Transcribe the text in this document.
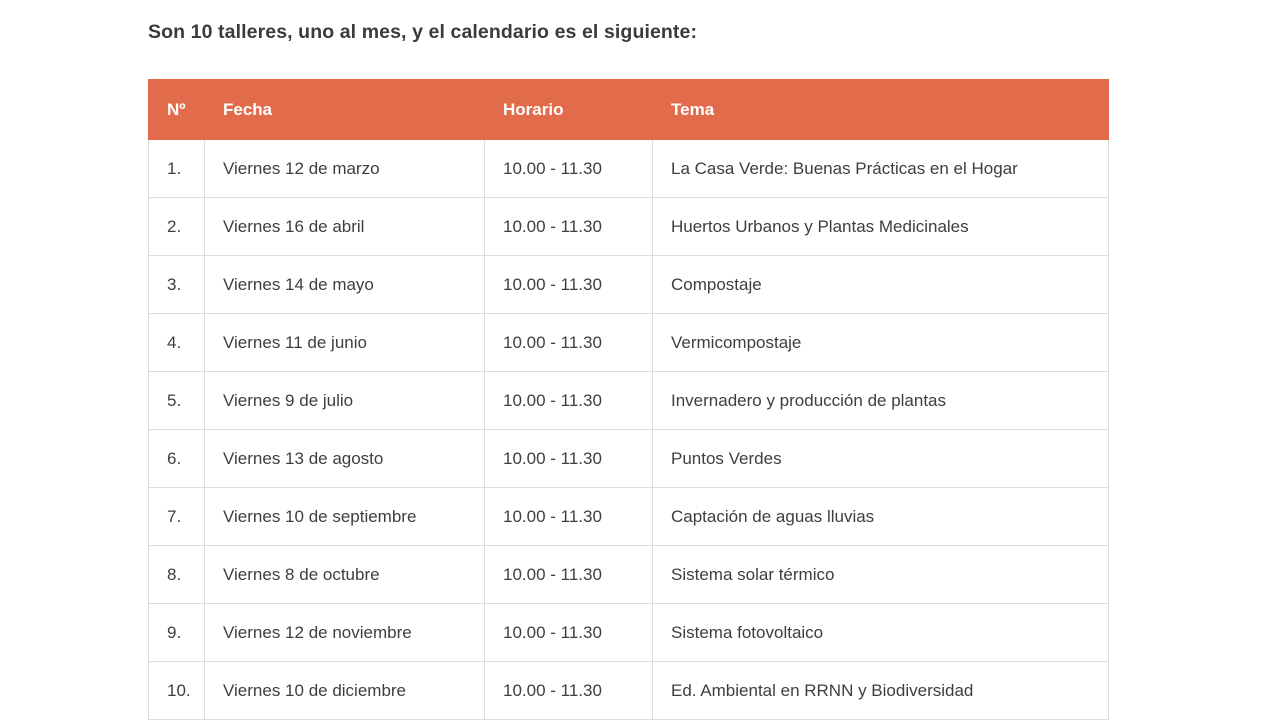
Son 10 talleres, uno al mes, y el calendario es el siguiente:
Nº	Fecha	Horario	Tema
1.	Viernes 12 de marzo	10.00 - 11.30	La Casa Verde: Buenas Prácticas en el Hogar
2.	Viernes 16 de abril	10.00 - 11.30	Huertos Urbanos y Plantas Medicinales
3.	Viernes 14 de mayo	10.00 - 11.30	Compostaje
4.	Viernes 11 de junio	10.00 - 11.30	Vermicompostaje
5.	Viernes 9 de julio	10.00 - 11.30	Invernadero y producción de plantas
6.	Viernes 13 de agosto	10.00 - 11.30	Puntos Verdes
7.	Viernes 10 de septiembre	10.00 - 11.30	Captación de aguas lluvias
8.	Viernes 8 de octubre	10.00 - 11.30	Sistema solar térmico
9.	Viernes 12 de noviembre	10.00 - 11.30	Sistema fotovoltaico
10.	Viernes 10 de diciembre	10.00 - 11.30	Ed. Ambiental en RRNN y Biodiversidad
